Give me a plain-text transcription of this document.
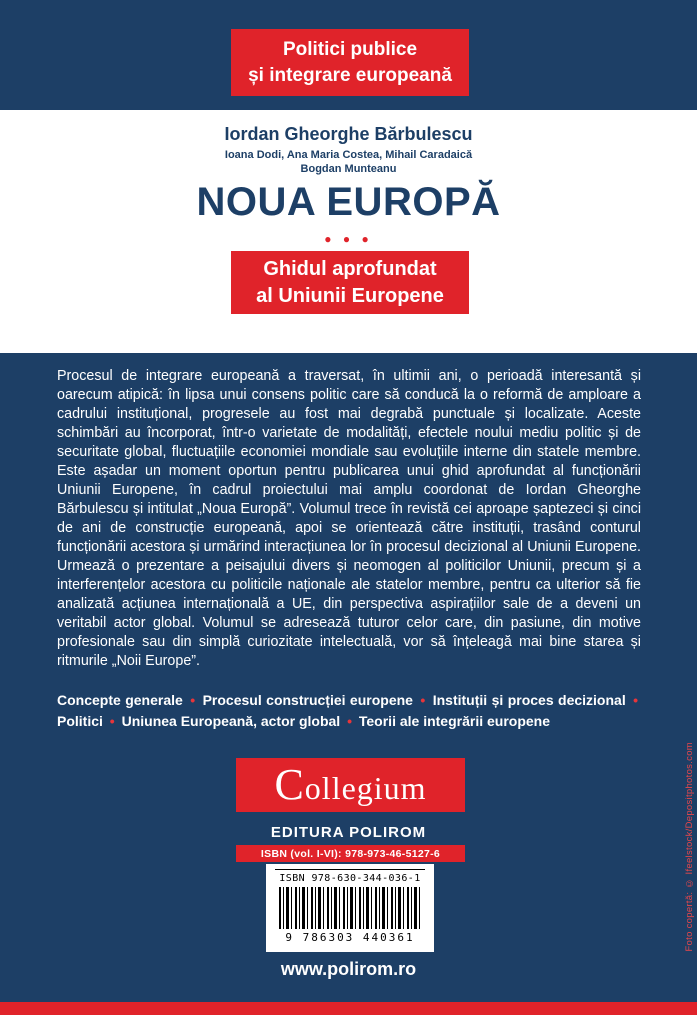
Politici publice
și integrare europeană
Iordan Gheorghe Bărbulescu
Ioana Dodi, Ana Maria Costea, Mihail Caradaică
Bogdan Munteanu
NOUA EUROPĂ
● ● ●
Ghidul aprofundat
al Uniunii Europene
Procesul de integrare europeană a traversat, în ultimii ani, o perioadă interesantă și oarecum atipică: în lipsa unui consens politic care să conducă la o reformă de amploare a cadrului instituțional, progresele au fost mai degrabă punctuale și localizate. Aceste schimbări au încorporat, într-o varietate de modalități, efectele noului mediu politic și de securitate global, fluctuațiile economiei mondiale sau evoluțiile interne din statele membre. Este așadar un moment oportun pentru publicarea unui ghid aprofundat al funcționării Uniunii Europene, în cadrul proiectului mai amplu coordonat de Iordan Gheorghe Bărbulescu și intitulat „Noua Europă”. Volumul trece în revistă cei aproape șaptezeci și cinci de ani de construcție europeană, apoi se orientează către instituții, trasând conturul funcționării acestora și urmărind interacțiunea lor în procesul decizional al Uniunii Europene. Urmează o prezentare a peisajului divers și neomogen al politicilor Uniunii, precum și a interferențelor acestora cu politicile naționale ale statelor membre, pentru ca ulterior să fie analizată acțiunea internațională a UE, din perspectiva aspirațiilor sale de a deveni un veritabil actor global. Volumul se adresează tuturor celor care, din pasiune, din motive profesionale sau din simplă curiozitate intelectuală, vor să înțeleagă mai bine starea și ritmurile „Noii Europe”.
Concepte generale • Procesul construcției europene • Instituții și proces decizional • Politici • Uniunea Europeană, actor global • Teorii ale integrării europene
Collegium
EDITURA POLIROM
ISBN (vol. I-VI): 978-973-46-5127-6
ISBN 978-630-344-036-1
9 786303 440361
www.polirom.ro
Foto copertă: © Ifeelstock/Depositphotos.com
